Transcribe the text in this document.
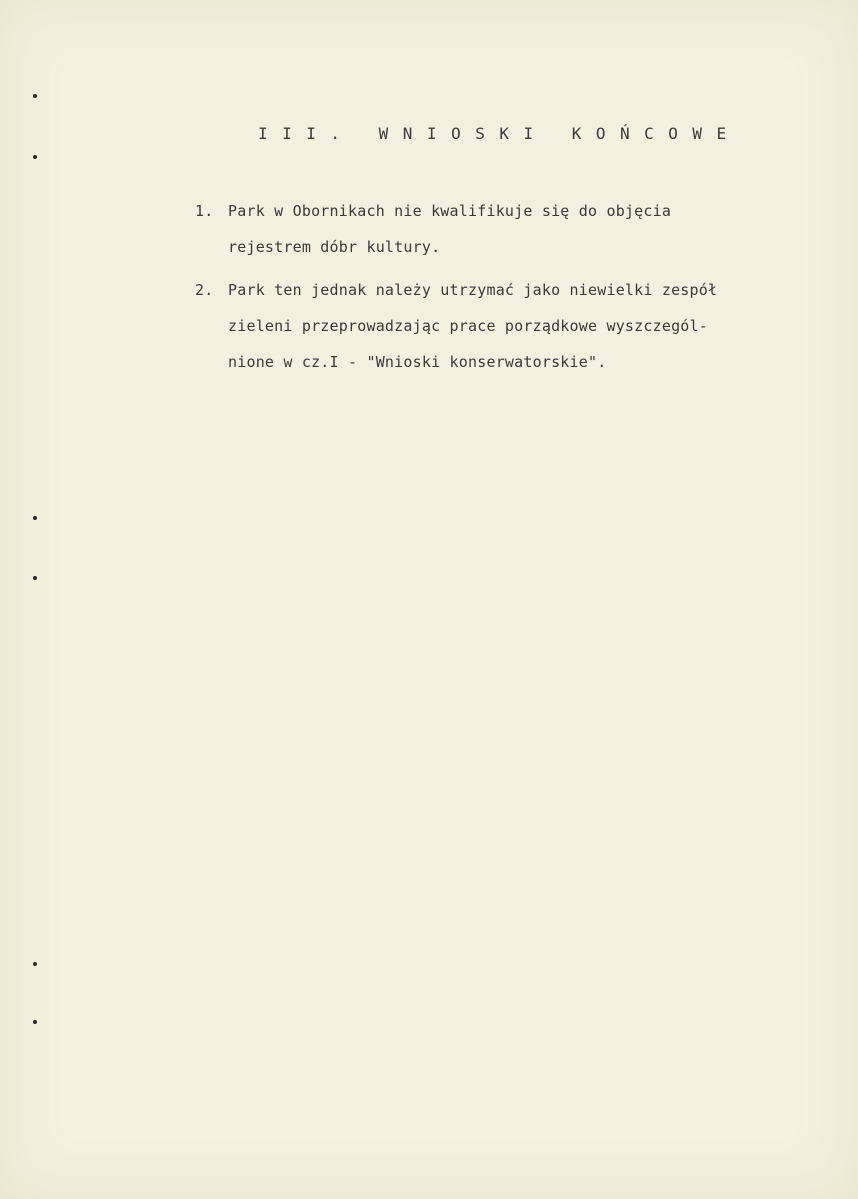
III. WNIOSKI KOŃCOWE
1. Park w Obornikach nie kwalifikuje się do objęcia
rejestrem dóbr kultury.
2. Park ten jednak należy utrzymać jako niewielki zespół
zieleni przeprowadzając prace porządkowe wyszczegól-
nione w cz.I - "Wnioski konserwatorskie".
